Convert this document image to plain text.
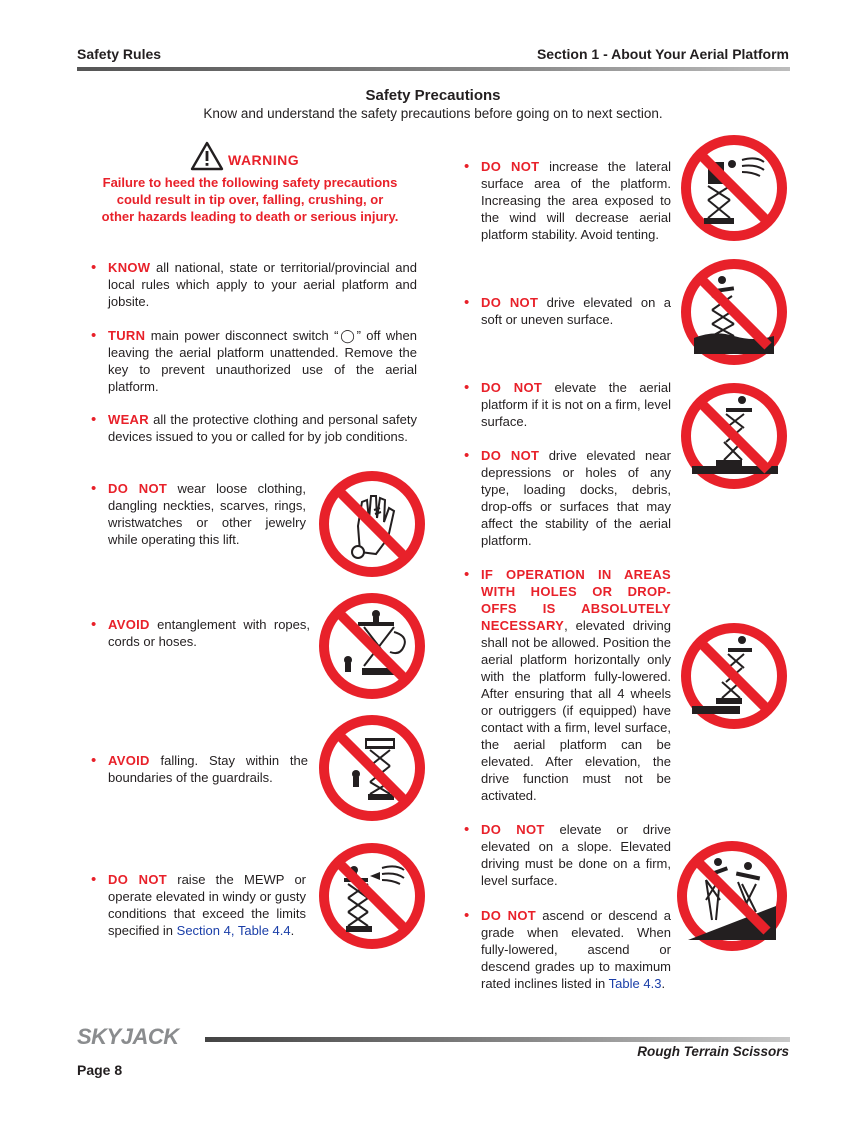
Safety Rules	Section 1 - About Your Aerial Platform
Safety Precautions
Know and understand the safety precautions before going on to next section.
WARNING
Failure to heed the following safety precautions could result in tip over, falling, crushing, or other hazards leading to death or serious injury.
• KNOW all national, state or territorial/provincial and local rules which apply to your aerial platform and jobsite.
• TURN main power disconnect switch “◯” off when leaving the aerial platform unattended. Remove the key to prevent unauthorized use of the aerial platform.
• WEAR all the protective clothing and personal safety devices issued to you or called for by job conditions.
• DO NOT wear loose clothing, dangling neckties, scarves, rings, wristwatches or other jewelry while operating this lift.
• AVOID entanglement with ropes, cords or hoses.
• AVOID falling. Stay within the boundaries of the guardrails.
• DO NOT raise the MEWP or operate elevated in windy or gusty conditions that exceed the limits specified in Section 4, Table 4.4.
• DO NOT increase the lateral surface area of the platform. Increasing the area exposed to the wind will decrease aerial platform stability. Avoid tenting.
• DO NOT drive elevated on a soft or uneven surface.
• DO NOT elevate the aerial platform if it is not on a firm, level surface.
• DO NOT drive elevated near depressions or holes of any type, loading docks, debris, drop-offs or surfaces that may affect the stability of the aerial platform.
• IF OPERATION IN AREAS WITH HOLES OR DROP-OFFS IS ABSOLUTELY NECESSARY, elevated driving shall not be allowed. Position the aerial platform horizontally only with the platform fully-lowered. After ensuring that all 4 wheels or outriggers (if equipped) have contact with a firm, level surface, the aerial platform can be elevated. After elevation, the drive function must not be activated.
• DO NOT elevate or drive elevated on a slope. Elevated driving must be done on a firm, level surface.
• DO NOT ascend or descend a grade when elevated. When fully-lowered, ascend or descend grades up to maximum rated inclines listed in Table 4.3.
SKYJACK
Rough Terrain Scissors
Page 8
